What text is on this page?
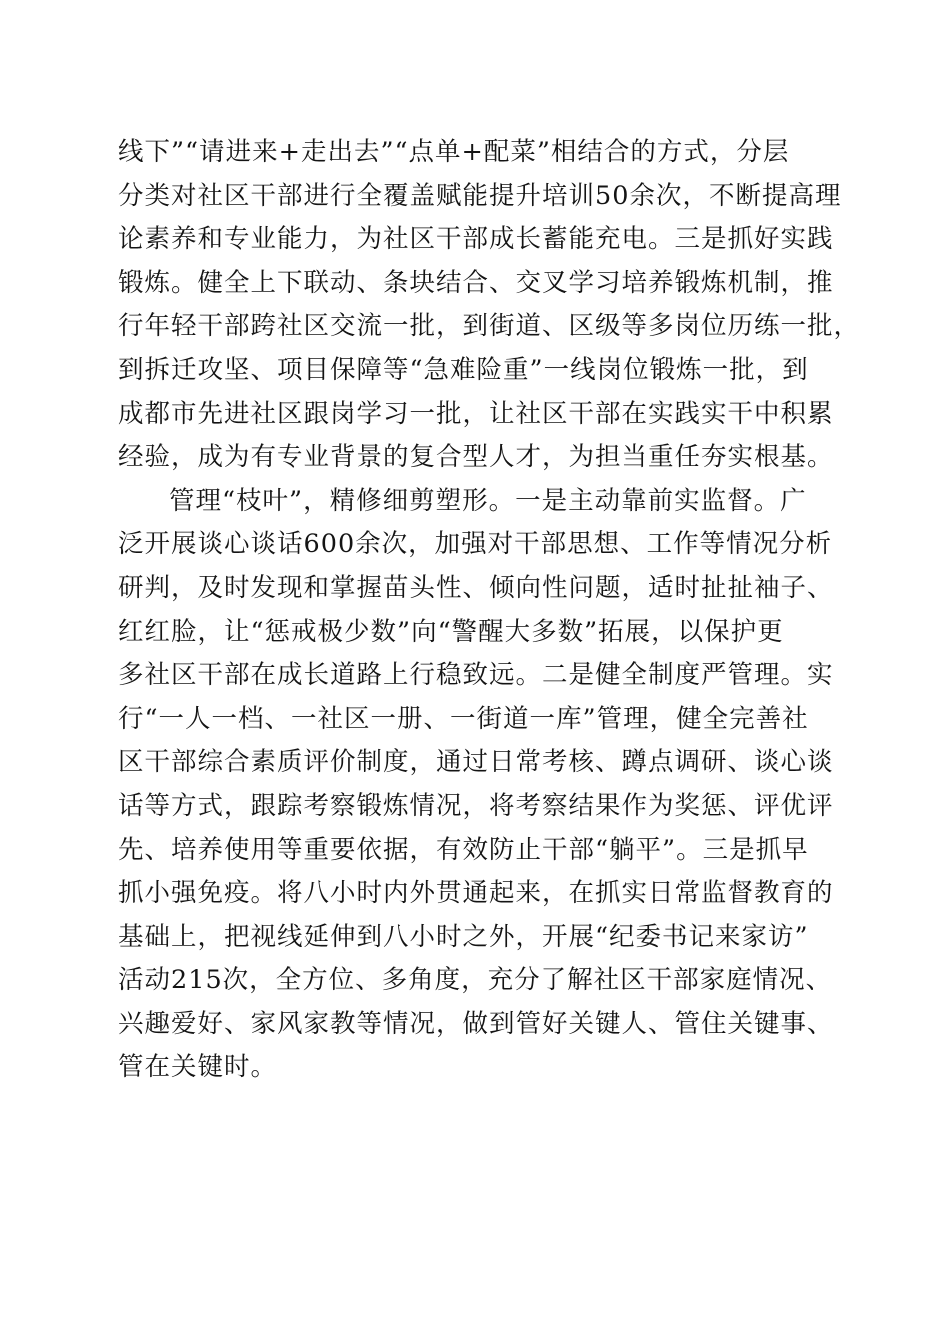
线下”“请进来+走出去”“点单+配菜”相结合的方式，分层
分类对社区干部进行全覆盖赋能提升培训50余次，不断提高理
论素养和专业能力，为社区干部成长蓄能充电。三是抓好实践
锻炼。健全上下联动、条块结合、交叉学习培养锻炼机制，推
行年轻干部跨社区交流一批，到街道、区级等多岗位历练一批，
到拆迁攻坚、项目保障等“急难险重”一线岗位锻炼一批，到
成都市先进社区跟岗学习一批，让社区干部在实践实干中积累
经验，成为有专业背景的复合型人才，为担当重任夯实根基。
管理“枝叶”，精修细剪塑形。一是主动靠前实监督。广
泛开展谈心谈话600余次，加强对干部思想、工作等情况分析
研判，及时发现和掌握苗头性、倾向性问题，适时扯扯袖子、
红红脸，让“惩戒极少数”向“警醒大多数”拓展，以保护更
多社区干部在成长道路上行稳致远。二是健全制度严管理。实
行“一人一档、一社区一册、一街道一库”管理，健全完善社
区干部综合素质评价制度，通过日常考核、蹲点调研、谈心谈
话等方式，跟踪考察锻炼情况，将考察结果作为奖惩、评优评
先、培养使用等重要依据，有效防止干部“躺平”。三是抓早
抓小强免疫。将八小时内外贯通起来，在抓实日常监督教育的
基础上，把视线延伸到八小时之外，开展“纪委书记来家访”
活动215次，全方位、多角度，充分了解社区干部家庭情况、
兴趣爱好、家风家教等情况，做到管好关键人、管住关键事、
管在关键时。
